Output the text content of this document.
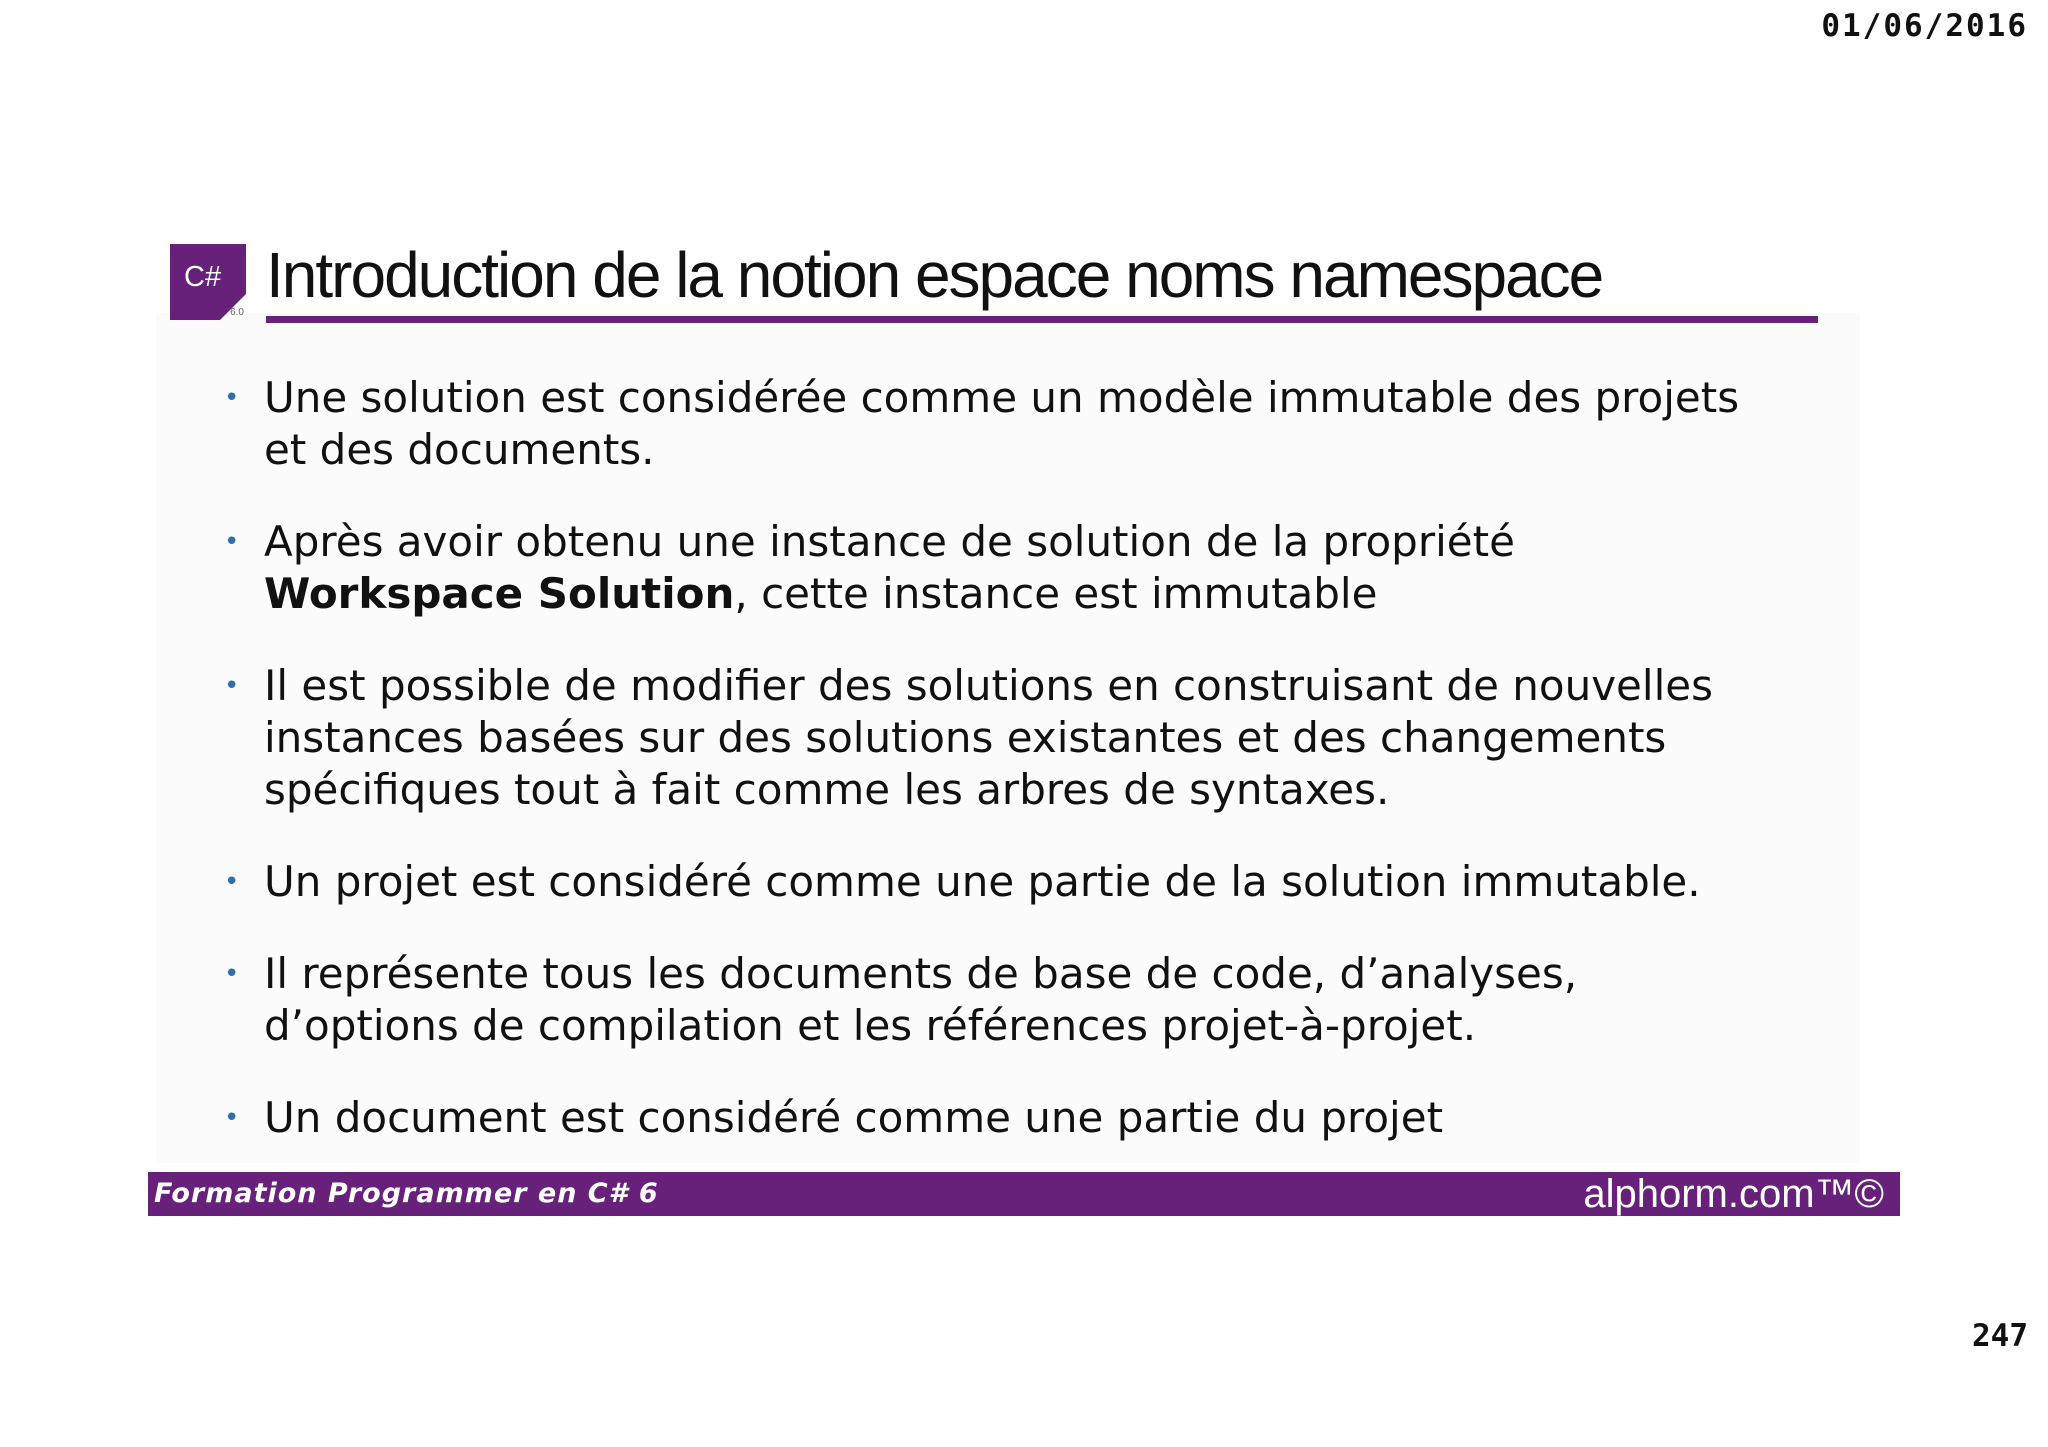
01/06/2016
C#
6.0
Introduction de la notion espace noms namespace
• Une solution est considérée comme un modèle immutable des projets et des documents.
• Après avoir obtenu une instance de solution de la propriété Workspace Solution, cette instance est immutable
• Il est possible de modifier des solutions en construisant de nouvelles instances basées sur des solutions existantes et des changements spécifiques tout à fait comme les arbres de syntaxes.
• Un projet est considéré comme une partie de la solution immutable.
• Il représente tous les documents de base de code, d’analyses, d’options de compilation et les références projet-à-projet.
• Un document est considéré comme une partie du projet
Formation Programmer en C# 6	alphorm.com™©
247
